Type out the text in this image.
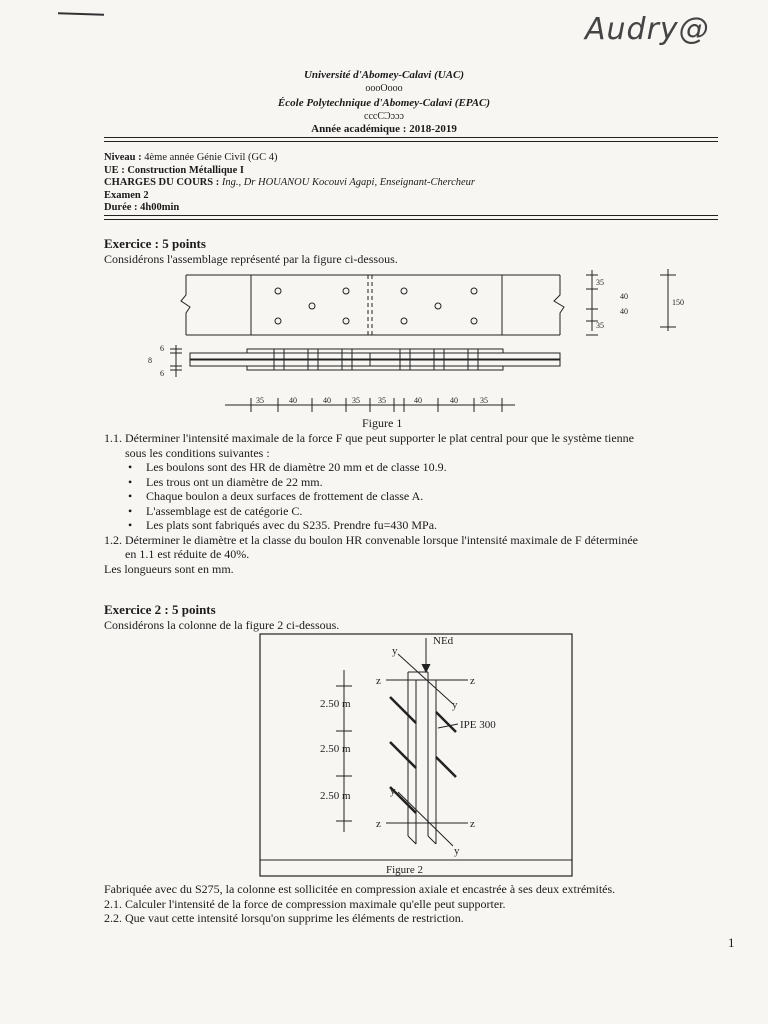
Audry@
Université d'Abomey-Calavi (UAC)
oooOooo
École Polytechnique d'Abomey-Calavi (EPAC)
cccCƆɔɔɔ
Année académique : 2018-2019
Niveau : 4ème année Génie Civil (GC 4)
UE : Construction Métallique I
CHARGES DU COURS : Ing., Dr HOUANOU Kocouvi Agapi, Enseignant-Chercheur
Examen 2
Durée : 4h00min
Exercice : 5 points
Considérons l'assemblage représenté par la figure ci-dessous.
35
40
40
35
150
6
8
6
35	40	40	35 35	40	40	35
Figure 1
1.1. Déterminer l'intensité maximale de la force F que peut supporter le plat central pour que le système tienne
sous les conditions suivantes :
• Les boulons sont des HR de diamètre 20 mm et de classe 10.9.
• Les trous ont un diamètre de 22 mm.
• Chaque boulon a deux surfaces de frottement de classe A.
• L'assemblage est de catégorie C.
• Les plats sont fabriqués avec du S235. Prendre fu=430 MPa.
1.2. Déterminer le diamètre et la classe du boulon HR convenable lorsque l'intensité maximale de F déterminée
en 1.1 est réduite de 40%.
Les longueurs sont en mm.
Exercice 2 : 5 points
Considérons la colonne de la figure 2 ci-dessous.
NEd
y
z	z
y
IPE 300
y
z	z
y
2.50 m
2.50 m
2.50 m
Figure 2
Fabriquée avec du S275, la colonne est sollicitée en compression axiale et encastrée à ses deux extrémités.
2.1. Calculer l'intensité de la force de compression maximale qu'elle peut supporter.
2.2. Que vaut cette intensité lorsqu'on supprime les éléments de restriction.
1
